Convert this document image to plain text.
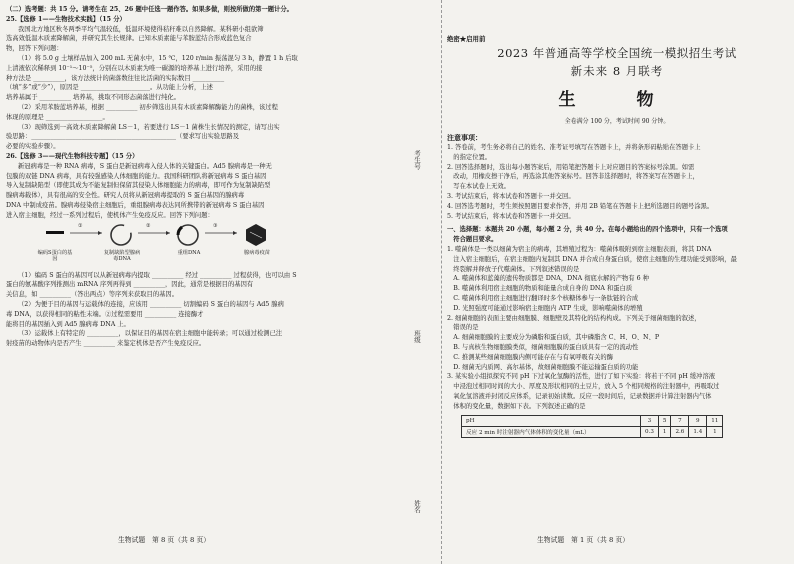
（二）选考题：共 15 分。请考生在 25、26 题中任选一题作答。如果多做，则按所做的第一题计分。

25.【选修 1——生物技术实践】（15 分）

我国北方地区秋冬两季平均气温较低，低温环境使得秸秆难以自然降解。某科研小组欲筛

选高效低温木质素降解菌，并研究其生长规律。已知木质素能与苯胺蓝结合形成蓝色复合

物，回答下列问题：

（1）将 5.0 g 土壤样品加入 200 mL 无菌水中，15 ℃，120 r/min 振荡混匀 3 h，静置 1 h 后取

上清液依次稀释到 10⁻¹～10⁻⁵，分别在以木质素为唯一碳源的培养基上进行培养，采用的接

种方法是 __________，该方法统计的菌落数往往比活菌的实际数目 __________

（填“多”或“少”），原因是 ______________________。从功能上分析，上述

培养基属于 __________ 培养基，挑取不同形态菌落进行纯化。

（2）采用苯胺蓝培养基，根据 __________ 初步筛选出具有木质素降解酶能力的菌株，该过程

体现的原理是 __________________。

（3）现筛选到一高效木质素降解菌 LS－1，若要进行 LS－1 菌株生长情况的测定，请写出实

验思路：______________________________________________（要求写出实验思路及

必要的实验步骤）。

26.【选修 3——现代生物科技专题】（15 分）

新冠病毒是一种 RNA 病毒，S 蛋白是新冠病毒入侵人体的关键蛋白。Ad5 腺病毒是一种无

包膜的双链 DNA 病毒，具有较强感染人体细胞的能力。我国科研团队将新冠病毒 S 蛋白基因

导入复制缺陷型（即使其成为不能复制但保留其侵染人体细胞能力的病毒，即可作为复制缺陷型

腺病毒载体），具有很高的安全性。研究人员将从新冠病毒提取的 S 蛋白基因的腺病毒

DNA 中制成疫苗。腺病毒侵染宿主细胞后，重组腺病毒表达同所携带的新冠病毒 S 蛋白基因

进入宿主细胞，经过一系列过程后，使机体产生免疫反应。回答下列问题：

①	②	③
编码S蛋白的基因
复制缺陷型腺病毒DNA
重组DNA	腺病毒疫苗

（1）编码 S 蛋白的基因可以从新冠病毒内提取 __________ 经过 __________ 过程获得，也可以由 S

蛋白的氨基酸序列推测出 mRNA 序列再得到 __________，因此，通常是根据目的基因有

关信息，如 __________（答出两点）等序列来获取目的基因。

（2）为便于目的基因与运载体的连接，应该用 __________ 切割编码 S 蛋白的基因与 Ad5 腺病

毒 DNA，以获得相同的粘性末端。②过程需要用 __________ 连接酶才

能将目的基因插入到 Ad5 腺病毒 DNA 上。

（3）运载体上有特定的 __________，以保证目的基因在宿主细胞中能转录；可以通过检测已注

射疫苗的动物体内是否产生 __________ 来鉴定机体是否产生免疫反应。

生物试题　第 8 页（共 8 页）
考生号
班级
姓名
绝密★启用前
2023 年普通高等学校全国统一模拟招生考试
新未来 8 月联考
生　物
全卷满分 100 分，考试时间 90 分钟。
注意事项：

1. 答卷前，考生务必将自己的姓名、准考证号填写在答题卡上，并将条形码粘贴在答题卡上

　的指定位置。

2. 回答选择题时，选出每小题答案后，用铅笔把答题卡上对应题目的答案标号涂黑。如需

　改动，用橡皮擦干净后，再选涂其他答案标号。回答非选择题时，将答案写在答题卡上，

　写在本试卷上无效。

3. 考试结束后，将本试卷和答题卡一并交回。

4. 回答选考题时，考生须按照题目要求作答，并用 2B 铅笔在答题卡上把所选题目的题号涂黑。

5. 考试结束后，将本试卷和答题卡一并交回。

一、选择题：本题共 20 小题，每小题 2 分，共 40 分。在每小题给出的四个选项中，只有一个选项

　符合题目要求。

1. 噬菌体是一类以细菌为宿主的病毒，其增殖过程为：噬菌体吸附到宿主细胞表面，将其 DNA

　注入宿主细胞后，在宿主细胞内复制其 DNA 并合成自身蛋白质，使宿主细胞的生理功能受到影响，最

　终裂解并释放子代噬菌体。下列叙述错误的是

　A. 噬菌体和蓝藻的遗传物质都是 DNA，DNA 彻底水解的产物有 6 种

　B. 噬菌体利用宿主细胞的物质和能量合成自身的 DNA 和蛋白质

　C. 噬菌体利用宿主细胞进行翻译时多个核糖体参与一条肽链的合成

　D. 光照强度可能通过影响宿主细胞内 ATP 生成，影响噬菌体的增殖

2. 细菌细胞的表面主要由细胞膜、细胞壁及其特化的结构构成。下列关于细菌细胞的叙述，

　错误的是

　A. 细菌细胞膜的主要成分为磷脂和蛋白质，其中磷脂含 C、H、O、N、P

　B. 与真核生物细胞膜类似，细菌细胞膜的蛋白质具有一定的流动性

　C. 推测某些细菌细胞膜内侧可能存在与有氧呼吸有关的酶

　D. 细菌无内质网、高尔基体，故细菌细胞膜不能运输蛋白质的功能

3. 某实验小组拟探究不同 pH 下过氧化氢酶的活性，进行了如下实验：将若干不同 pH 缓冲溶液

　中浸泡过相同时间的大小、厚度及形状相同的土豆片，放入 5 个相同规格的注射器中，再吸取过

　氧化氢溶液并封闭反应体系，记录初始读数。反应一段时间后，记录数据并计算注射器内气体

　体积的变化量，数据如下表。下列叙述正确的是

pH	3	5	7	9	11
反应 2 min 时注射器内气体体积的变化量（mL）	0.3	1	2.6	1.4	1
生物试题　第 1 页（共 8 页）
